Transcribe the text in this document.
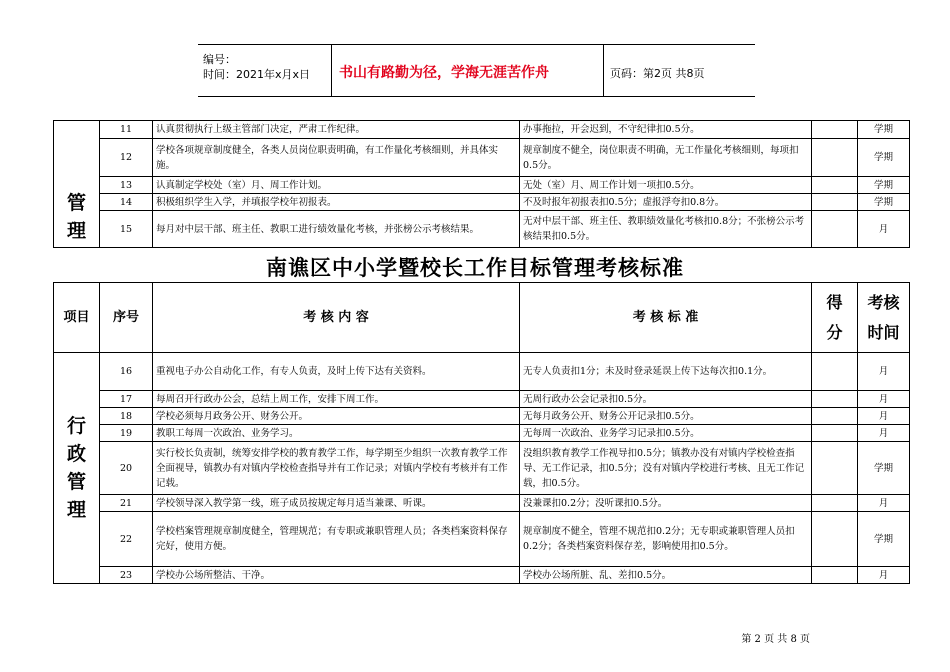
编号：
时间：2021年x月x日 书山有路勤为径，学海无涯苦作舟	页码：第2页 共8页
管
理	11	认真贯彻执行上级主管部门决定，严肃工作纪律。	办事拖拉，开会迟到，不守纪律扣0.5分。		学期
	12	学校各项规章制度健全，各类人员岗位职责明确，有工作量化考核细则，并具体实施。	规章制度不健全，岗位职责不明确，无工作量化考核细则，每项扣0.5分。		学期
	13	认真制定学校处（室）月、周工作计划。	无处（室）月、周工作计划一项扣0.5分。		学期
	14	积极组织学生入学，并填报学校年初报表。	不及时报年初报表扣0.5分；虚报浮夸扣0.8分。		学期
	15	每月对中层干部、班主任、教职工进行绩效量化考核，并张榜公示考核结果。	无对中层干部、班主任、教职绩效量化考核扣0.8分；不张榜公示考核结果扣0.5分。		月
南谯区中小学暨校长工作目标管理考核标准
项目	序号	考 核 内 容	考 核 标 准	得分	考核时间

行
政
管
理	16	重视电子办公自动化工作，有专人负责，及时上传下达有关资料。	无专人负责扣1分；未及时登录延误上传下达每次扣0.1分。		月
	17	每周召开行政办公会，总结上周工作，安排下周工作。	无周行政办公会记录扣0.5分。		月
	18	学校必须每月政务公开、财务公开。	无每月政务公开、财务公开记录扣0.5分。		月
	19	教职工每周一次政治、业务学习。	无每周一次政治、业务学习记录扣0.5分。		月
	20	实行校长负责制，统筹安排学校的教育教学工作，每学期至少组织一次教育教学工作全面视导，镇教办有对镇内学校检查指导并有工作记录；对镇内学校有考核并有工作记载。	没组织教育教学工作视导扣0.5分；镇教办没有对镇内学校检查指导、无工作记录，扣0.5分；没有对镇内学校进行考核、且无工作记载，扣0.5分。		学期
	21	学校领导深入教学第一线，班子成员按规定每月适当兼课、听课。	没兼课扣0.2分；没听课扣0.5分。		月
	22	学校档案管理规章制度健全，管理规范；有专职或兼职管理人员；各类档案资料保存完好，使用方便。	规章制度不健全，管理不规范扣0.2分；无专职或兼职管理人员扣0.2分；各类档案资料保存差，影响使用扣0.5分。		学期
	23	学校办公场所整洁、干净。	学校办公场所脏、乱、差扣0.5分。		月
第 2 页 共 8 页
